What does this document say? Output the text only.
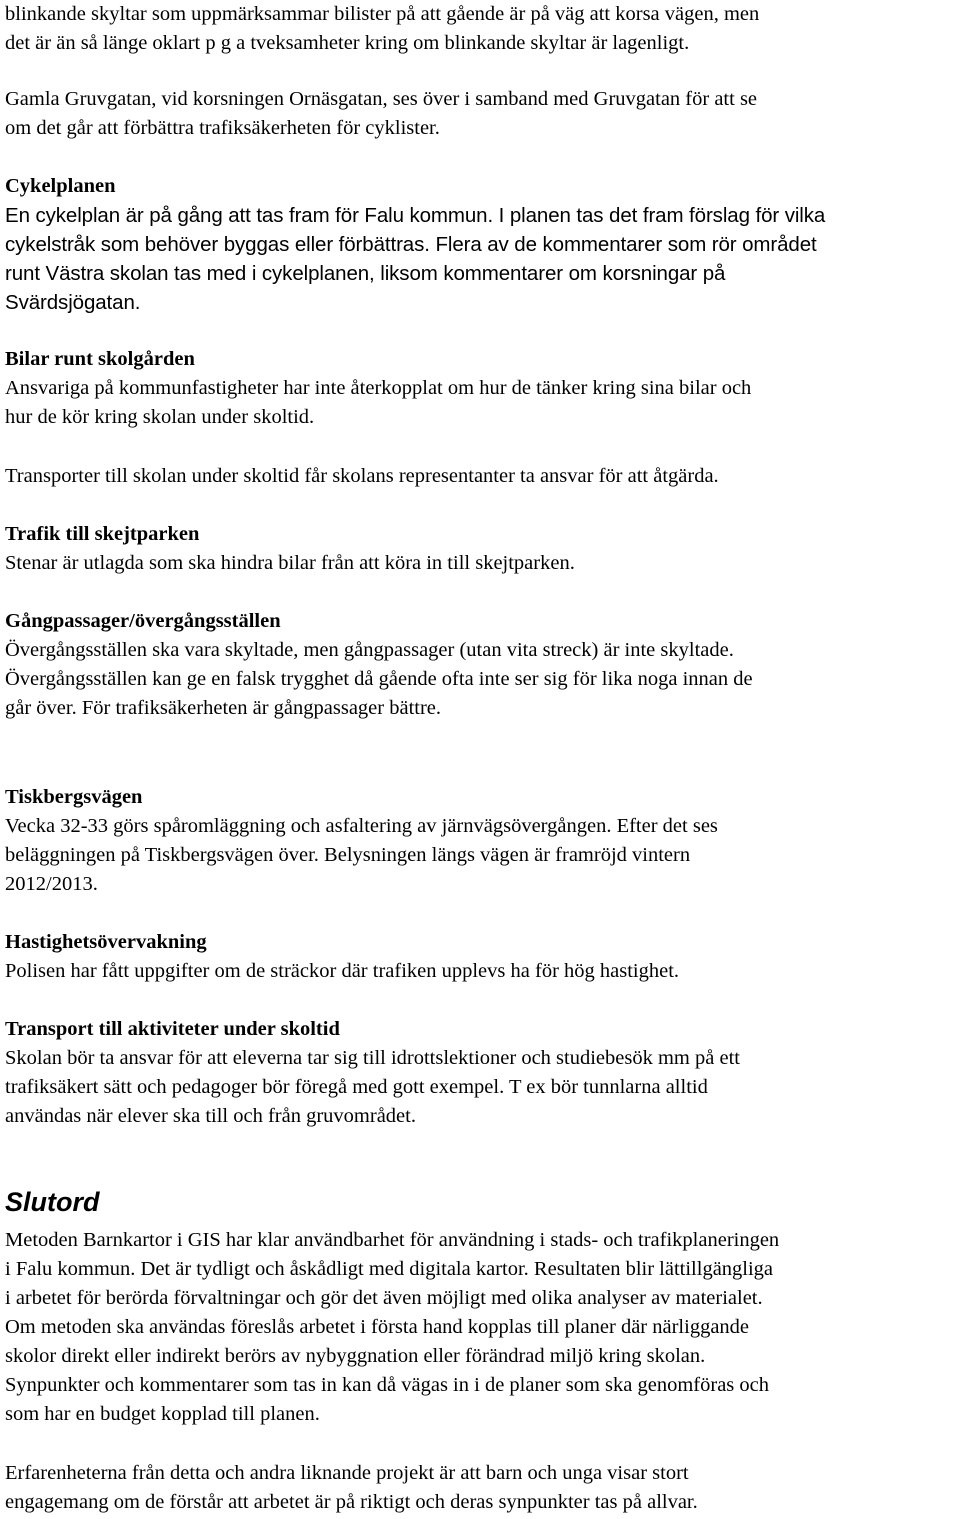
blinkande skyltar som uppmärksammar bilister på att gående är på väg att korsa vägen, men
det är än så länge oklart p g a tveksamheter kring om blinkande skyltar är lagenligt.
Gamla Gruvgatan, vid korsningen Ornäsgatan, ses över i samband med Gruvgatan för att se
om det går att förbättra trafiksäkerheten för cyklister.
Cykelplanen
En cykelplan är på gång att tas fram för Falu kommun. I planen tas det fram förslag för vilka
cykelstråk som behöver byggas eller förbättras. Flera av de kommentarer som rör området
runt Västra skolan tas med i cykelplanen, liksom kommentarer om korsningar på
Svärdsjögatan.
Bilar runt skolgården
Ansvariga på kommunfastigheter har inte återkopplat om hur de tänker kring sina bilar och
hur de kör kring skolan under skoltid.
Transporter till skolan under skoltid får skolans representanter ta ansvar för att åtgärda.
Trafik till skejtparken
Stenar är utlagda som ska hindra bilar från att köra in till skejtparken.
Gångpassager/övergångsställen
Övergångsställen ska vara skyltade, men gångpassager (utan vita streck) är inte skyltade.
Övergångsställen kan ge en falsk trygghet då gående ofta inte ser sig för lika noga innan de
går över. För trafiksäkerheten är gångpassager bättre.
Tiskbergsvägen
Vecka 32-33 görs spåromläggning och asfaltering av järnvägsövergången. Efter det ses
beläggningen på Tiskbergsvägen över. Belysningen längs vägen är framröjd vintern
2012/2013.
Hastighetsövervakning
Polisen har fått uppgifter om de sträckor där trafiken upplevs ha för hög hastighet.
Transport till aktiviteter under skoltid
Skolan bör ta ansvar för att eleverna tar sig till idrottslektioner och studiebesök mm på ett
trafiksäkert sätt och pedagoger bör föregå med gott exempel. T ex bör tunnlarna alltid
användas när elever ska till och från gruvområdet.
Slutord
Metoden Barnkartor i GIS har klar användbarhet för användning i stads- och trafikplaneringen
i Falu kommun. Det är tydligt och åskådligt med digitala kartor. Resultaten blir lättillgängliga
i arbetet för berörda förvaltningar och gör det även möjligt med olika analyser av materialet.
Om metoden ska användas föreslås arbetet i första hand kopplas till planer där närliggande
skolor direkt eller indirekt berörs av nybyggnation eller förändrad miljö kring skolan.
Synpunkter och kommentarer som tas in kan då vägas in i de planer som ska genomföras och
som har en budget kopplad till planen.
Erfarenheterna från detta och andra liknande projekt är att barn och unga visar stort
engagemang om de förstår att arbetet är på riktigt och deras synpunkter tas på allvar.
